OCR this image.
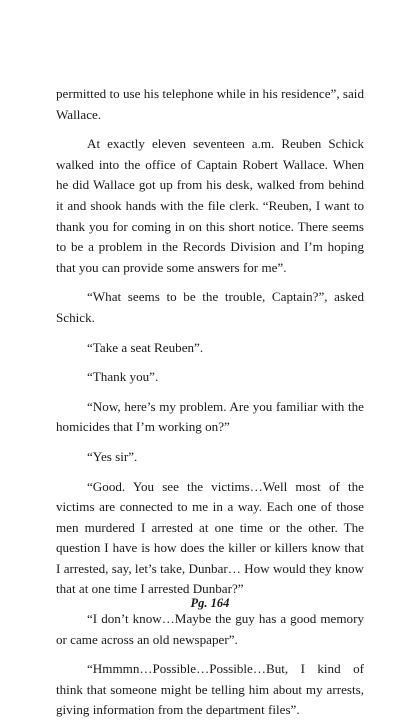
permitted to use his telephone while in his residence”, said Wallace.

At exactly eleven seventeen a.m. Reuben Schick walked into the office of Captain Robert Wallace. When he did Wallace got up from his desk, walked from behind it and shook hands with the file clerk. “Reuben, I want to thank you for coming in on this short notice. There seems to be a problem in the Records Division and I’m hoping that you can provide some answers for me”.

“What seems to be the trouble, Captain?”, asked Schick.

“Take a seat Reuben”.

“Thank you”.

“Now, here’s my problem. Are you familiar with the homicides that I’m working on?”

“Yes sir”.

“Good. You see the victims…Well most of the victims are connected to me in a way. Each one of those men murdered I arrested at one time or the other. The question I have is how does the killer or killers know that I arrested, say, let’s take, Dunbar… How would they know that at one time I arrested Dunbar?”

“I don’t know…Maybe the guy has a good memory or came across an old newspaper”.

“Hmmmn…Possible…Possible…But, I kind of think that someone might be telling him about my arrests, giving information from the department files”.

Pg. 164
